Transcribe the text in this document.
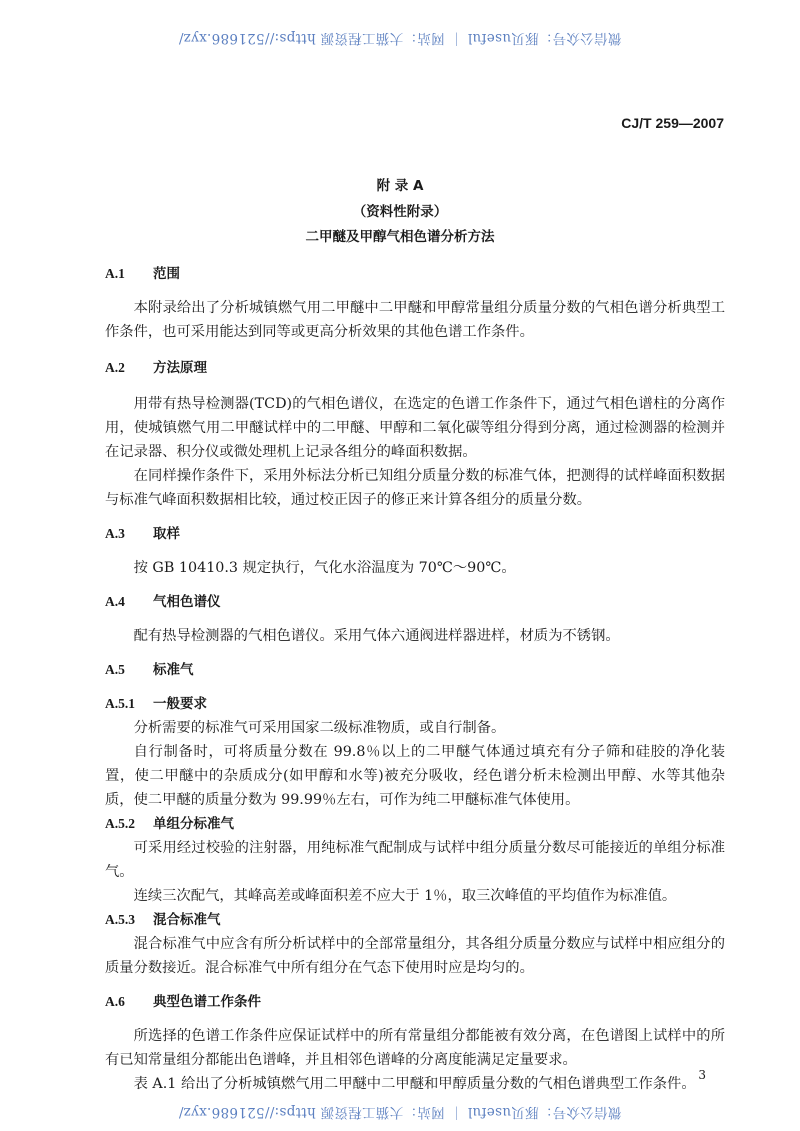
微信公众号：豚贝useful ｜ 网站：大猫工程资源 https://521686.xyz/
CJ/T 259—2007
附 录 A
（资料性附录）
二甲醚及甲醇气相色谱分析方法
A.1 范围
本附录给出了分析城镇燃气用二甲醚中二甲醚和甲醇常量组分质量分数的气相色谱分析典型工作条件，也可采用能达到同等或更高分析效果的其他色谱工作条件。
A.2 方法原理
用带有热导检测器(TCD)的气相色谱仪，在选定的色谱工作条件下，通过气相色谱柱的分离作用，使城镇燃气用二甲醚试样中的二甲醚、甲醇和二氧化碳等组分得到分离，通过检测器的检测并在记录器、积分仪或微处理机上记录各组分的峰面积数据。
在同样操作条件下，采用外标法分析已知组分质量分数的标准气体，把测得的试样峰面积数据与标准气峰面积数据相比较，通过校正因子的修正来计算各组分的质量分数。
A.3 取样
按 GB 10410.3 规定执行，气化水浴温度为 70℃～90℃。
A.4 气相色谱仪
配有热导检测器的气相色谱仪。采用气体六通阀进样器进样，材质为不锈钢。
A.5 标准气
A.5.1 一般要求
分析需要的标准气可采用国家二级标准物质，或自行制备。
自行制备时，可将质量分数在 99.8％以上的二甲醚气体通过填充有分子筛和硅胶的净化装置，使二甲醚中的杂质成分(如甲醇和水等)被充分吸收，经色谱分析未检测出甲醇、水等其他杂质，使二甲醚的质量分数为 99.99％左右，可作为纯二甲醚标准气体使用。
A.5.2 单组分标准气
可采用经过校验的注射器，用纯标准气配制成与试样中组分质量分数尽可能接近的单组分标准气。
连续三次配气，其峰高差或峰面积差不应大于 1％，取三次峰值的平均值作为标准值。
A.5.3 混合标准气
混合标准气中应含有所分析试样中的全部常量组分，其各组分质量分数应与试样中相应组分的质量分数接近。混合标准气中所有组分在气态下使用时应是均匀的。
A.6 典型色谱工作条件
所选择的色谱工作条件应保证试样中的所有常量组分都能被有效分离，在色谱图上试样中的所有已知常量组分都能出色谱峰，并且相邻色谱峰的分离度能满足定量要求。
表 A.1 给出了分析城镇燃气用二甲醚中二甲醚和甲醇质量分数的气相色谱典型工作条件。
3
微信公众号：豚贝useful ｜ 网站：大猫工程资源 https://521686.xyz/
